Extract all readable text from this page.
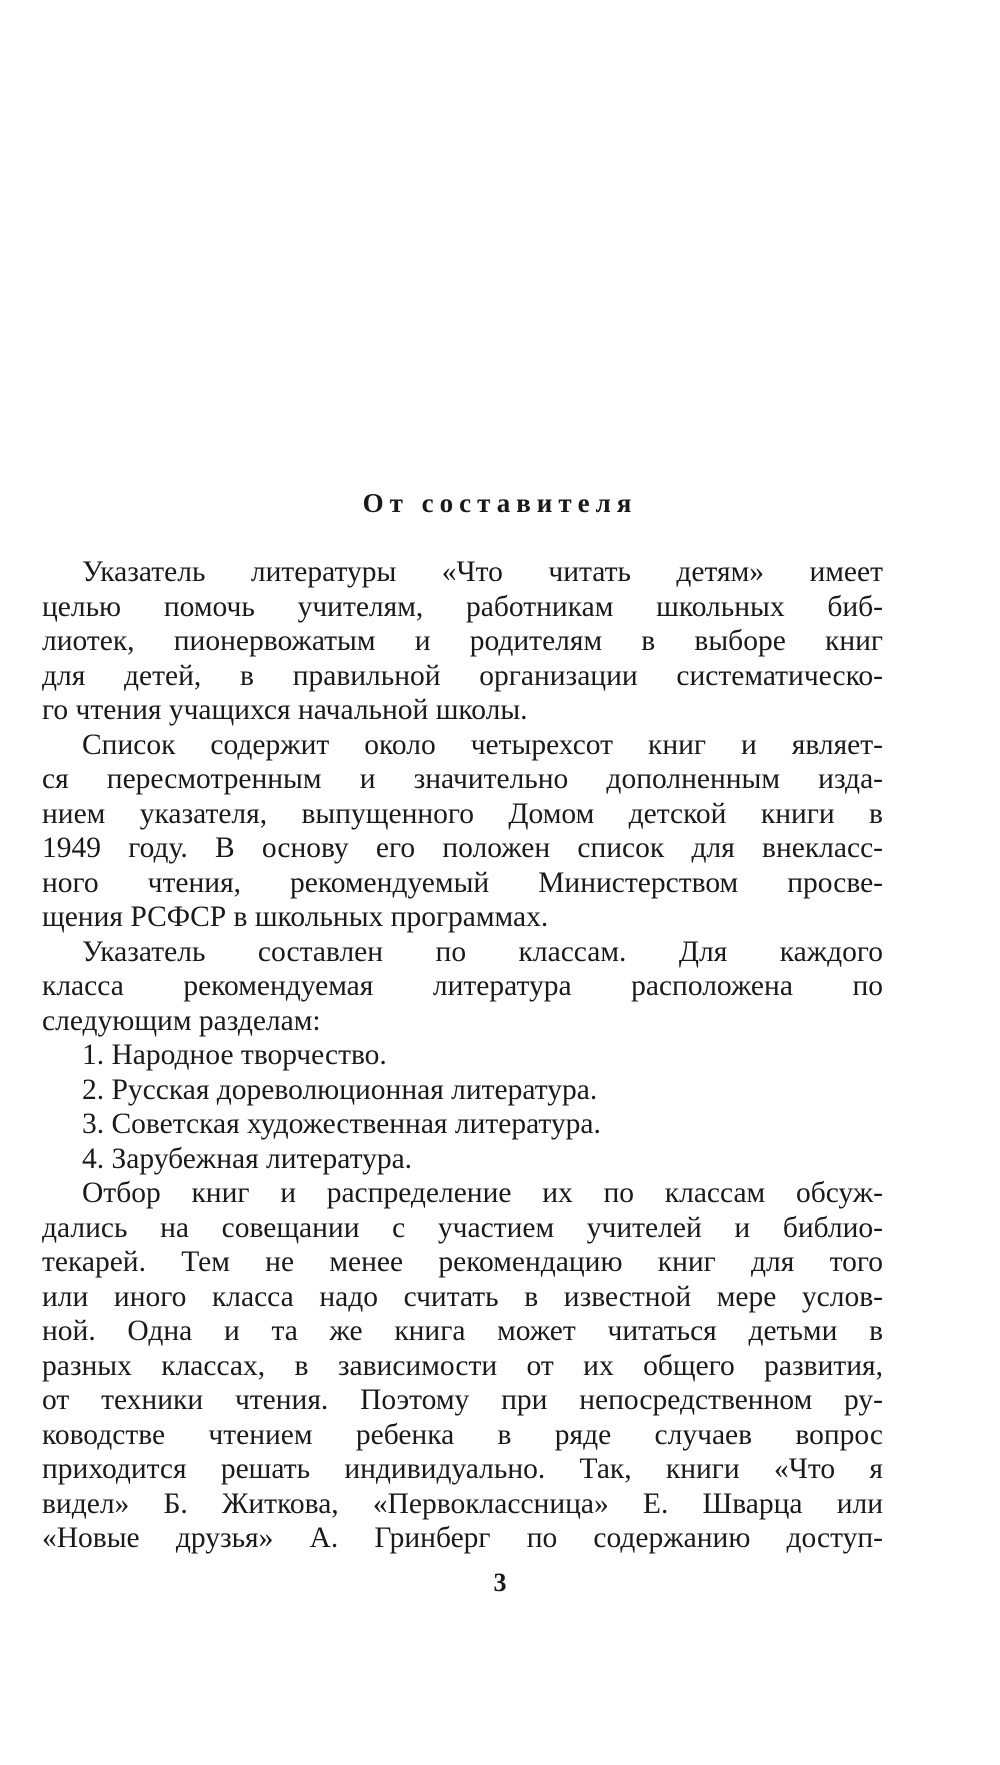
От составителя
Указатель литературы «Что читать детям» имеет
целью помочь учителям, работникам школьных биб-
лиотек, пионервожатым и родителям в выборе книг
для детей, в правильной организации систематическо-
го чтения учащихся начальной школы.
Список содержит около четырехсот книг и являет-
ся пересмотренным и значительно дополненным изда-
нием указателя, выпущенного Домом детской книги в
1949 году. В основу его положен список для внекласс-
ного чтения, рекомендуемый Министерством просве-
щения РСФСР в школьных программах.
Указатель составлен по классам. Для каждого
класса рекомендуемая литература расположена по
следующим разделам:
1. Народное творчество.
2. Русская дореволюционная литература.
3. Советская художественная литература.
4. Зарубежная литература.
Отбор книг и распределение их по классам обсуж-
дались на совещании с участием учителей и библио-
текарей. Тем не менее рекомендацию книг для того
или иного класса надо считать в известной мере услов-
ной. Одна и та же книга может читаться детьми в
разных классах, в зависимости от их общего развития,
от техники чтения. Поэтому при непосредственном ру-
ководстве чтением ребенка в ряде случаев вопрос
приходится решать индивидуально. Так, книги «Что я
видел» Б. Житкова, «Первоклассница» Е. Шварца или
«Новые друзья» А. Гринберг по содержанию доступ-
3
